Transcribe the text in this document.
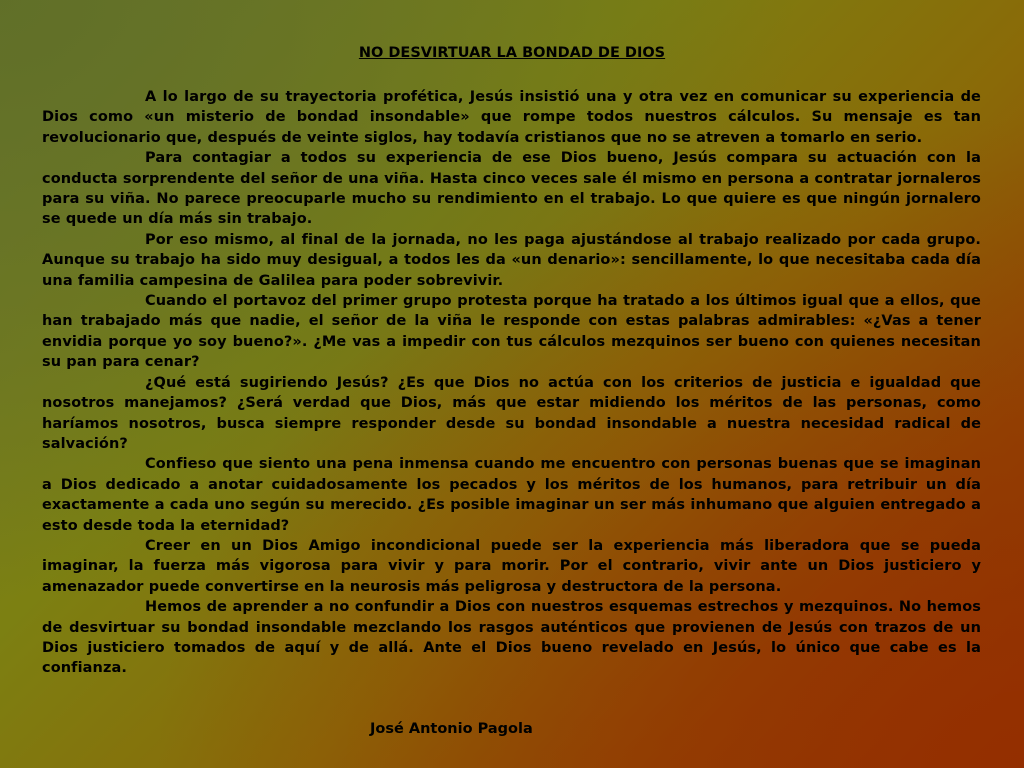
NO DESVIRTUAR LA BONDAD DE DIOS

A lo largo de su trayectoria profética, Jesús insistió una y otra vez en comunicar su experiencia de Dios como «un misterio de bondad insondable» que rompe todos nuestros cálculos. Su mensaje es tan revolucionario que, después de veinte siglos, hay todavía cristianos que no se atreven a tomarlo en serio.

Para contagiar a todos su experiencia de ese Dios bueno, Jesús compara su actuación con la conducta sorprendente del señor de una viña. Hasta cinco veces sale él mismo en persona a contratar jornaleros para su viña. No parece preocuparle mucho su rendimiento en el trabajo. Lo que quiere es que ningún jornalero se quede un día más sin trabajo.

Por eso mismo, al final de la jornada, no les paga ajustándose al trabajo realizado por cada grupo. Aunque su trabajo ha sido muy desigual, a todos les da «un denario»: sencillamente, lo que necesitaba cada día una familia campesina de Galilea para poder sobrevivir.

Cuando el portavoz del primer grupo protesta porque ha tratado a los últimos igual que a ellos, que han trabajado más que nadie, el señor de la viña le responde con estas palabras admirables: «¿Vas a tener envidia porque yo soy bueno?». ¿Me vas a impedir con tus cálculos mezquinos ser bueno con quienes necesitan su pan para cenar?

¿Qué está sugiriendo Jesús? ¿Es que Dios no actúa con los criterios de justicia e igualdad que nosotros manejamos? ¿Será verdad que Dios, más que estar midiendo los méritos de las personas, como haríamos nosotros, busca siempre responder desde su bondad insondable a nuestra necesidad radical de salvación?

Confieso que siento una pena inmensa cuando me encuentro con personas buenas que se imaginan a Dios dedicado a anotar cuidadosamente los pecados y los méritos de los humanos, para retribuir un día exactamente a cada uno según su merecido. ¿Es posible imaginar un ser más inhumano que alguien entregado a esto desde toda la eternidad?

Creer en un Dios Amigo incondicional puede ser la experiencia más liberadora que se pueda imaginar, la fuerza más vigorosa para vivir y para morir. Por el contrario, vivir ante un Dios justiciero y amenazador puede convertirse en la neurosis más peligrosa y destructora de la persona.

Hemos de aprender a no confundir a Dios con nuestros esquemas estrechos y mezquinos. No hemos de desvirtuar su bondad insondable mezclando los rasgos auténticos que provienen de Jesús con trazos de un Dios justiciero tomados de aquí y de allá. Ante el Dios bueno revelado en Jesús, lo único que cabe es la confianza.

José Antonio Pagola
